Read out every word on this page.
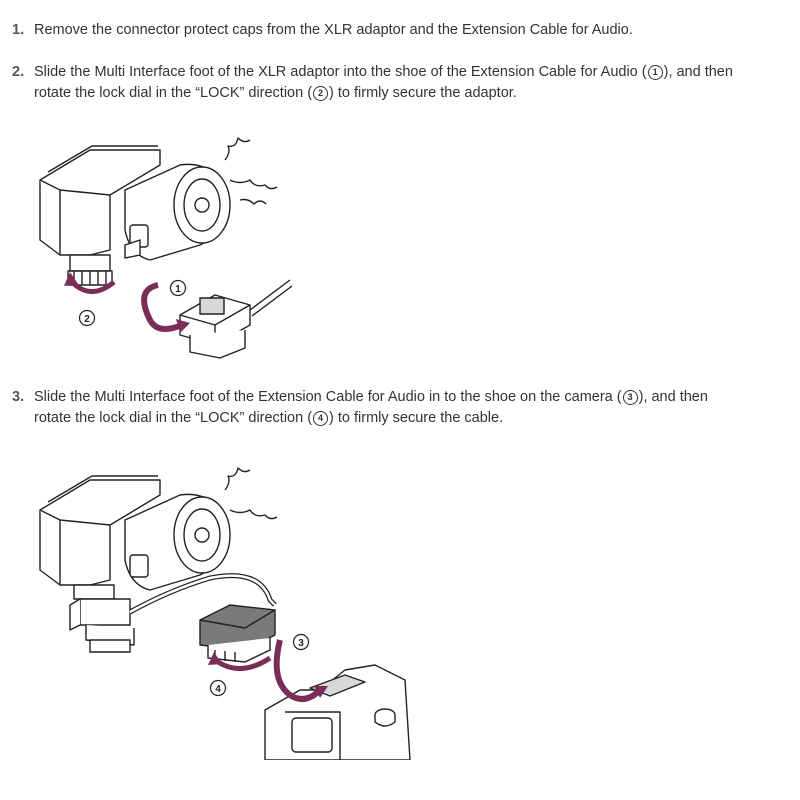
1. Remove the connector protect caps from the XLR adaptor and the Extension Cable for Audio.
2. Slide the Multi Interface foot of the XLR adaptor into the shoe of the Extension Cable for Audio ( 1 ), and then
rotate the lock dial in the “LOCK” direction ( 2 ) to firmly secure the adaptor.
1
2
3. Slide the Multi Interface foot of the Extension Cable for Audio in to the shoe on the camera ( 3 ), and then
rotate the lock dial in the “LOCK” direction ( 4 ) to firmly secure the cable.
3
4
